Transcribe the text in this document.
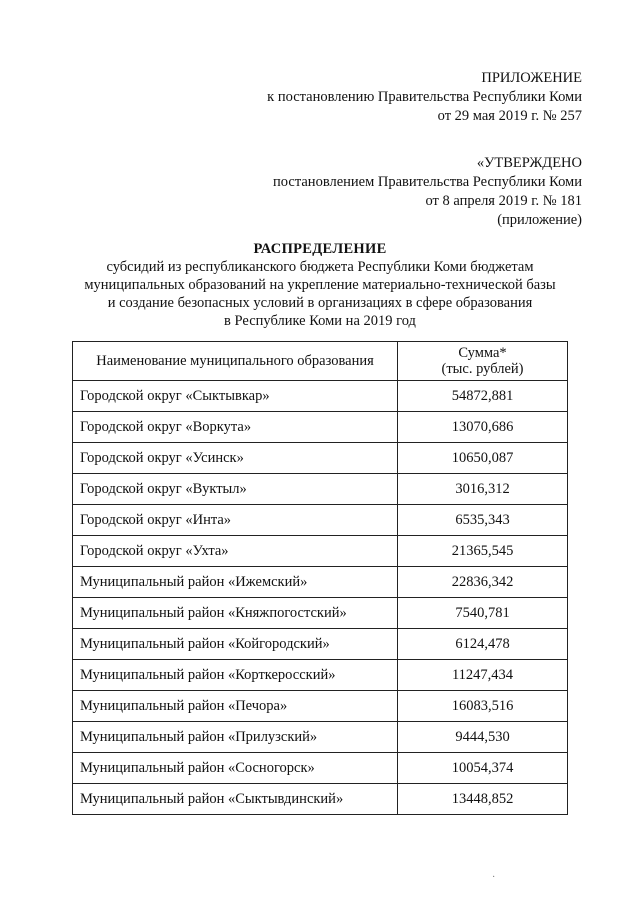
ПРИЛОЖЕНИЕ
к постановлению Правительства Республики Коми
от 29 мая 2019 г. № 257
«УТВЕРЖДЕНО
постановлением Правительства Республики Коми
от 8 апреля 2019 г. № 181
(приложение)
РАСПРЕДЕЛЕНИЕ
субсидий из республиканского бюджета Республики Коми бюджетам
муниципальных образований на укрепление материально-технической базы
и создание безопасных условий в организациях в сфере образования
в Республике Коми на 2019 год
Наименование муниципального образования	Сумма*
(тыс. рублей)

Городской округ «Сыктывкар»	54872,881
Городской округ «Воркута»	13070,686
Городской округ «Усинск»	10650,087
Городской округ «Вуктыл»	3016,312
Городской округ «Инта»	6535,343
Городской округ «Ухта»	21365,545
Муниципальный район «Ижемский»	22836,342
Муниципальный район «Княжпогостский»	7540,781
Муниципальный район «Койгородский»	6124,478
Муниципальный район «Корткеросский»	11247,434
Муниципальный район «Печора»	16083,516
Муниципальный район «Прилузский»	9444,530
Муниципальный район «Сосногорск»	10054,374
Муниципальный район «Сыктывдинский»	13448,852
·
